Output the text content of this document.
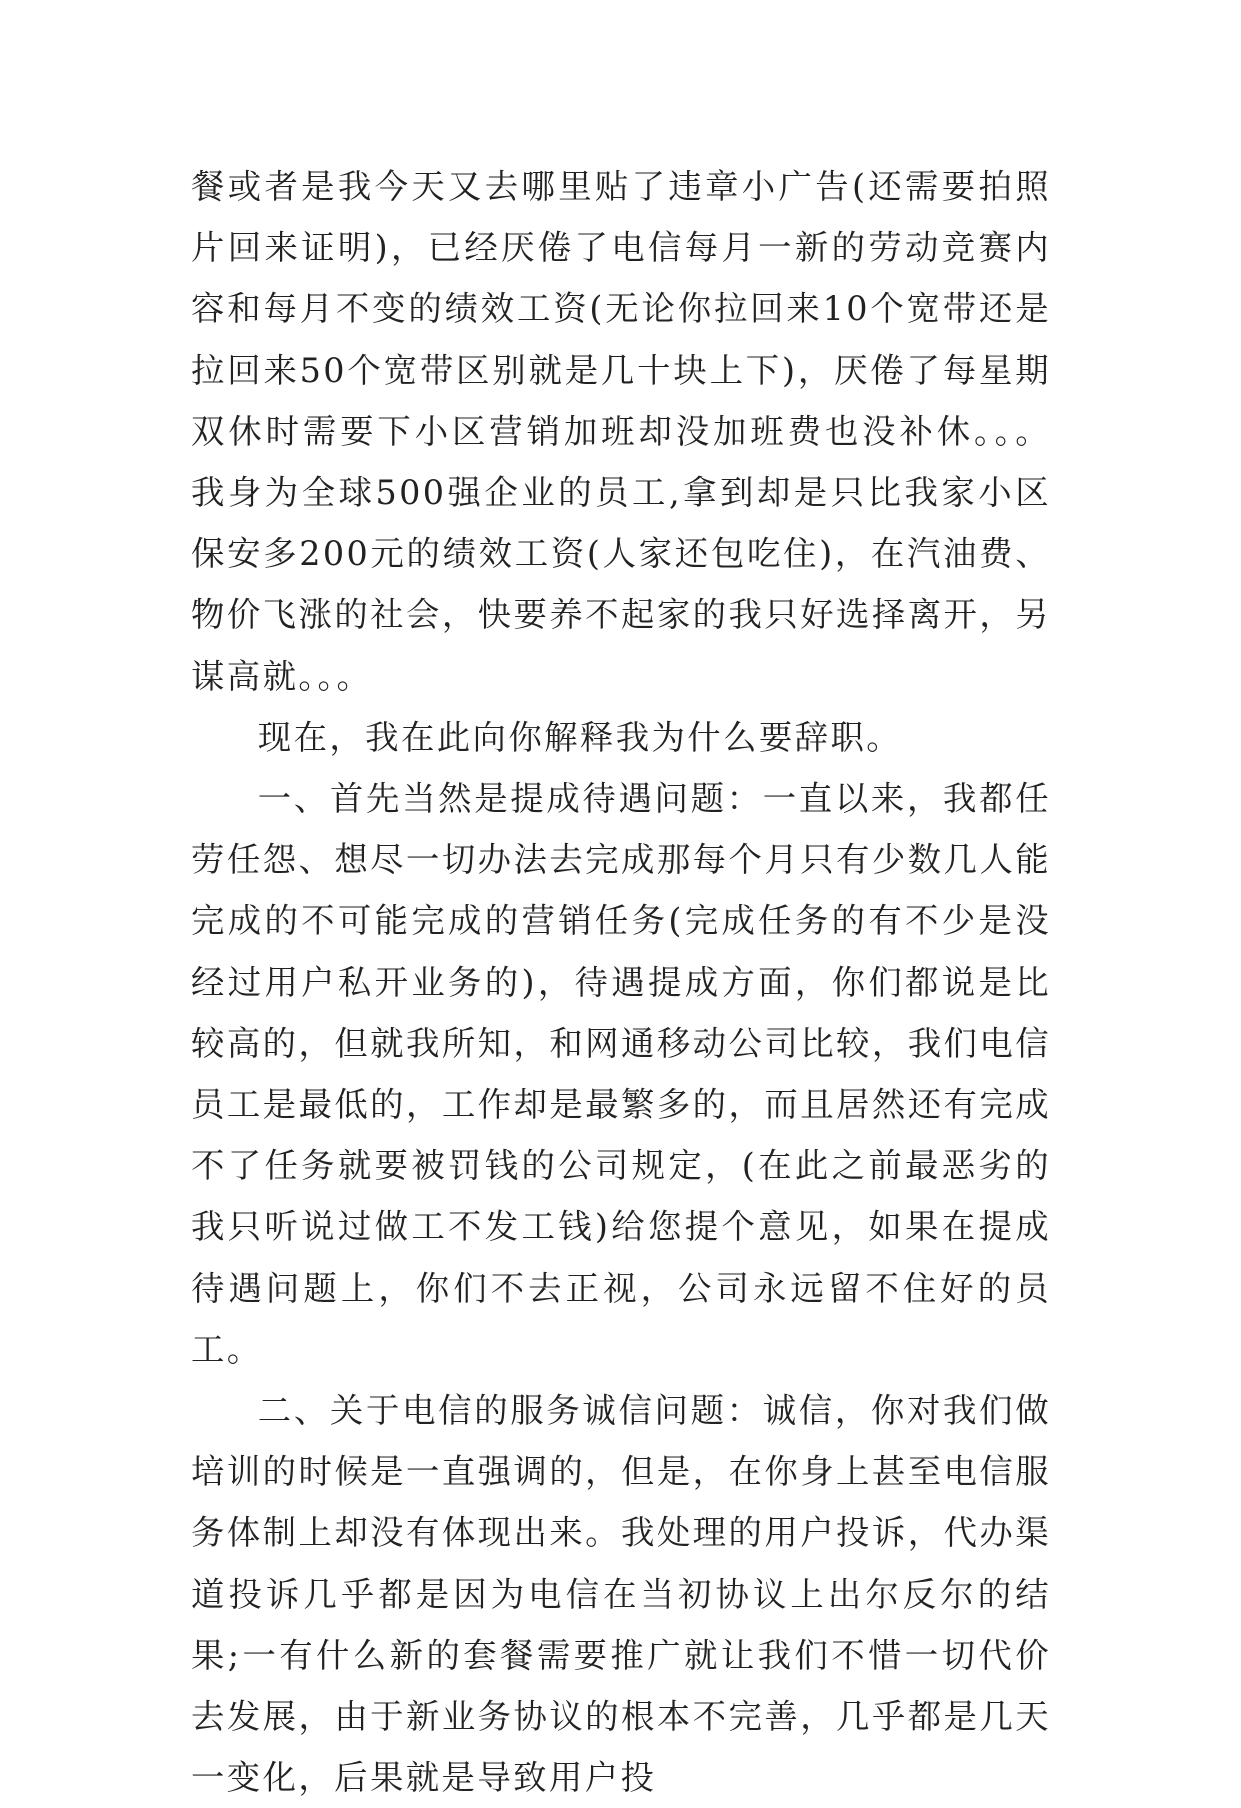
餐或者是我今天又去哪里贴了违章小广告(还需要拍照片回来证明)，已经厌倦了电信每月一新的劳动竞赛内容和每月不变的绩效工资(无论你拉回来10个宽带还是拉回来50个宽带区别就是几十块上下)，厌倦了每星期双休时需要下小区营销加班却没加班费也没补休。。。我身为全球500强企业的员工,拿到却是只比我家小区保安多200元的绩效工资(人家还包吃住)，在汽油费、物价飞涨的社会，快要养不起家的我只好选择离开，另谋高就。。。

现在，我在此向你解释我为什么要辞职。

一、首先当然是提成待遇问题：一直以来，我都任劳任怨、想尽一切办法去完成那每个月只有少数几人能完成的不可能完成的营销任务(完成任务的有不少是没经过用户私开业务的)，待遇提成方面，你们都说是比较高的，但就我所知，和网通移动公司比较，我们电信员工是最低的，工作却是最繁多的，而且居然还有完成不了任务就要被罚钱的公司规定，(在此之前最恶劣的我只听说过做工不发工钱)给您提个意见，如果在提成待遇问题上，你们不去正视，公司永远留不住好的员工。

二、关于电信的服务诚信问题：诚信，你对我们做培训的时候是一直强调的，但是，在你身上甚至电信服务体制上却没有体现出来。我处理的用户投诉，代办渠道投诉几乎都是因为电信在当初协议上出尔反尔的结果;一有什么新的套餐需要推广就让我们不惜一切代价去发展，由于新业务协议的根本不完善，几乎都是几天一变化，后果就是导致用户投
